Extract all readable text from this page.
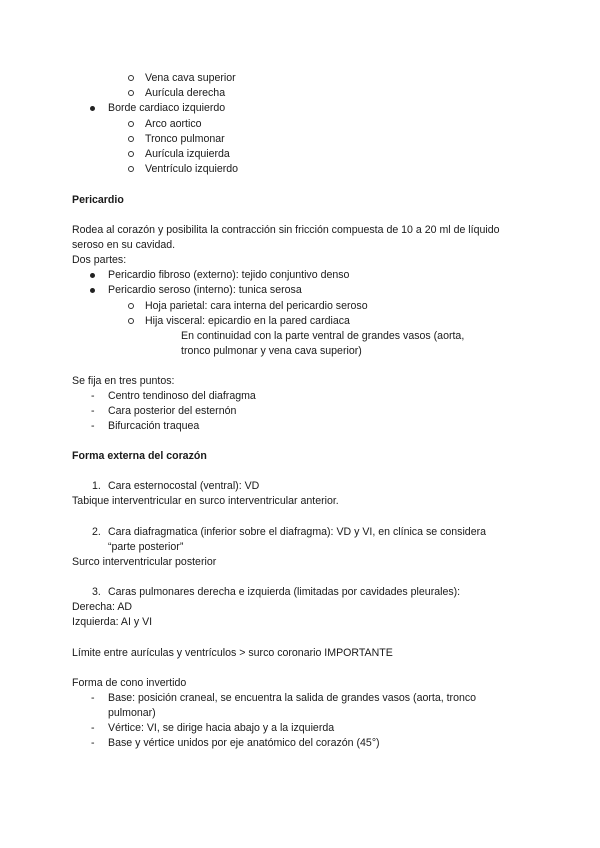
Vena cava superior
Aurícula derecha
Borde cardiaco izquierdo
Arco aortico
Tronco pulmonar
Aurícula izquierda
Ventrículo izquierdo
Pericardio
Rodea al corazón y posibilita la contracción sin fricción compuesta de 10 a 20 ml de líquido
seroso en su cavidad.
Dos partes:
Pericardio fibroso (externo): tejido conjuntivo denso
Pericardio seroso (interno): tunica serosa
Hoja parietal: cara interna del pericardio seroso
Hija visceral: epicardio en la pared cardiaca
En continuidad con la parte ventral de grandes vasos (aorta,
tronco pulmonar y vena cava superior)
Se fija en tres puntos:
- Centro tendinoso del diafragma
- Cara posterior del esternón
- Bifurcación traquea
Forma externa del corazón
1. Cara esternocostal (ventral): VD
Tabique interventricular en surco interventricular anterior.
2. Cara diafragmatica (inferior sobre el diafragma): VD y VI, en clínica se considera
“parte posterior”
Surco interventricular posterior
3. Caras pulmonares derecha e izquierda (limitadas por cavidades pleurales):
Derecha: AD
Izquierda: AI y VI
Límite entre aurículas y ventrículos > surco coronario IMPORTANTE
Forma de cono invertido
- Base: posición craneal, se encuentra la salida de grandes vasos (aorta, tronco
pulmonar)
- Vértice: VI, se dirige hacia abajo y a la izquierda
- Base y vértice unidos por eje anatómico del corazón (45°)
